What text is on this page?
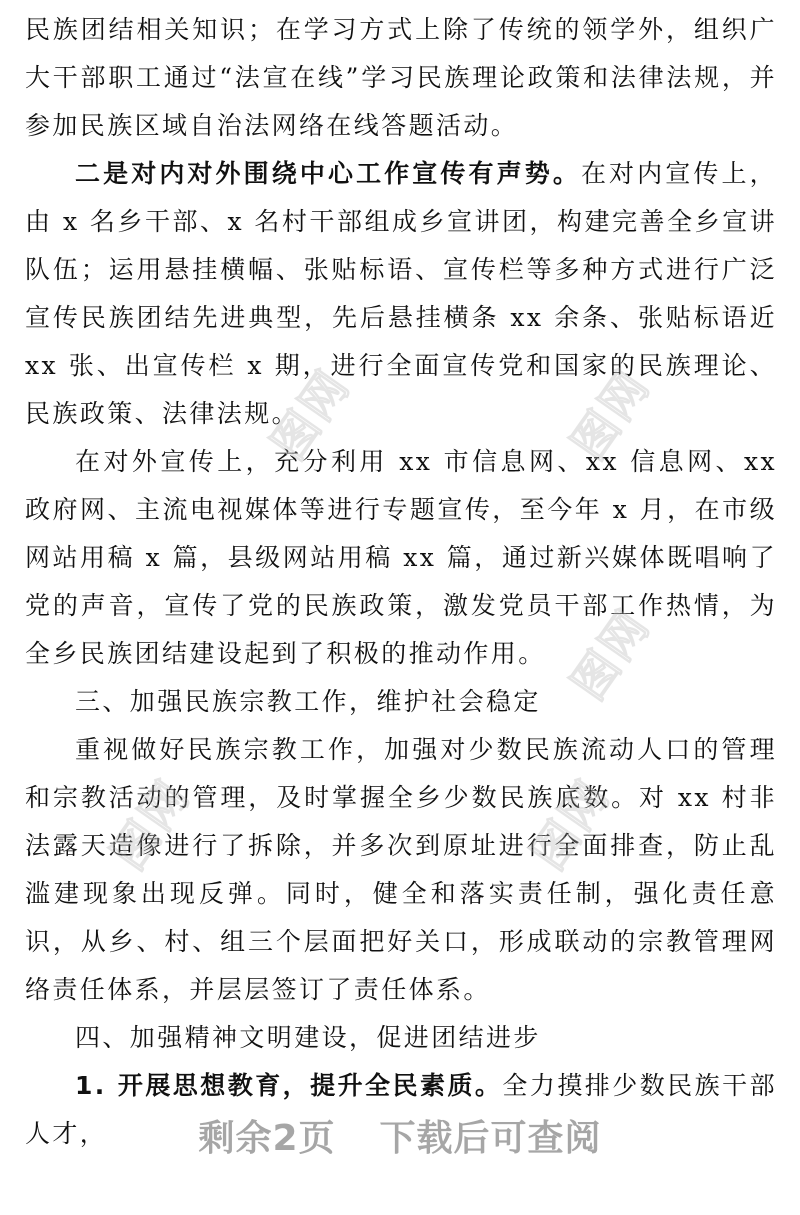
民族团结相关知识；在学习方式上除了传统的领学外，组织广大干部职工通过“法宣在线”学习民族理论政策和法律法规，并参加民族区域自治法网络在线答题活动。

二是对内对外围绕中心工作宣传有声势。在对内宣传上，由 x 名乡干部、x 名村干部组成乡宣讲团，构建完善全乡宣讲队伍；运用悬挂横幅、张贴标语、宣传栏等多种方式进行广泛宣传民族团结先进典型，先后悬挂横条 xx 余条、张贴标语近 xx 张、出宣传栏 x 期，进行全面宣传党和国家的民族理论、民族政策、法律法规。

在对外宣传上，充分利用 xx 市信息网、xx 信息网、xx 政府网、主流电视媒体等进行专题宣传，至今年 x 月，在市级网站用稿 x 篇，县级网站用稿 xx 篇，通过新兴媒体既唱响了党的声音，宣传了党的民族政策，激发党员干部工作热情，为全乡民族团结建设起到了积极的推动作用。

三、加强民族宗教工作，维护社会稳定

重视做好民族宗教工作，加强对少数民族流动人口的管理和宗教活动的管理，及时掌握全乡少数民族底数。对 xx 村非法露天造像进行了拆除，并多次到原址进行全面排查，防止乱滥建现象出现反弹。同时，健全和落实责任制，强化责任意识，从乡、村、组三个层面把好关口，形成联动的宗教管理网络责任体系，并层层签订了责任体系。

四、加强精神文明建设，促进团结进步

1. 开展思想教育，提升全民素质。全力摸排少数民族干部人才，

图网
图网
图网
图网	图网
剩余2页 下载后可查阅
